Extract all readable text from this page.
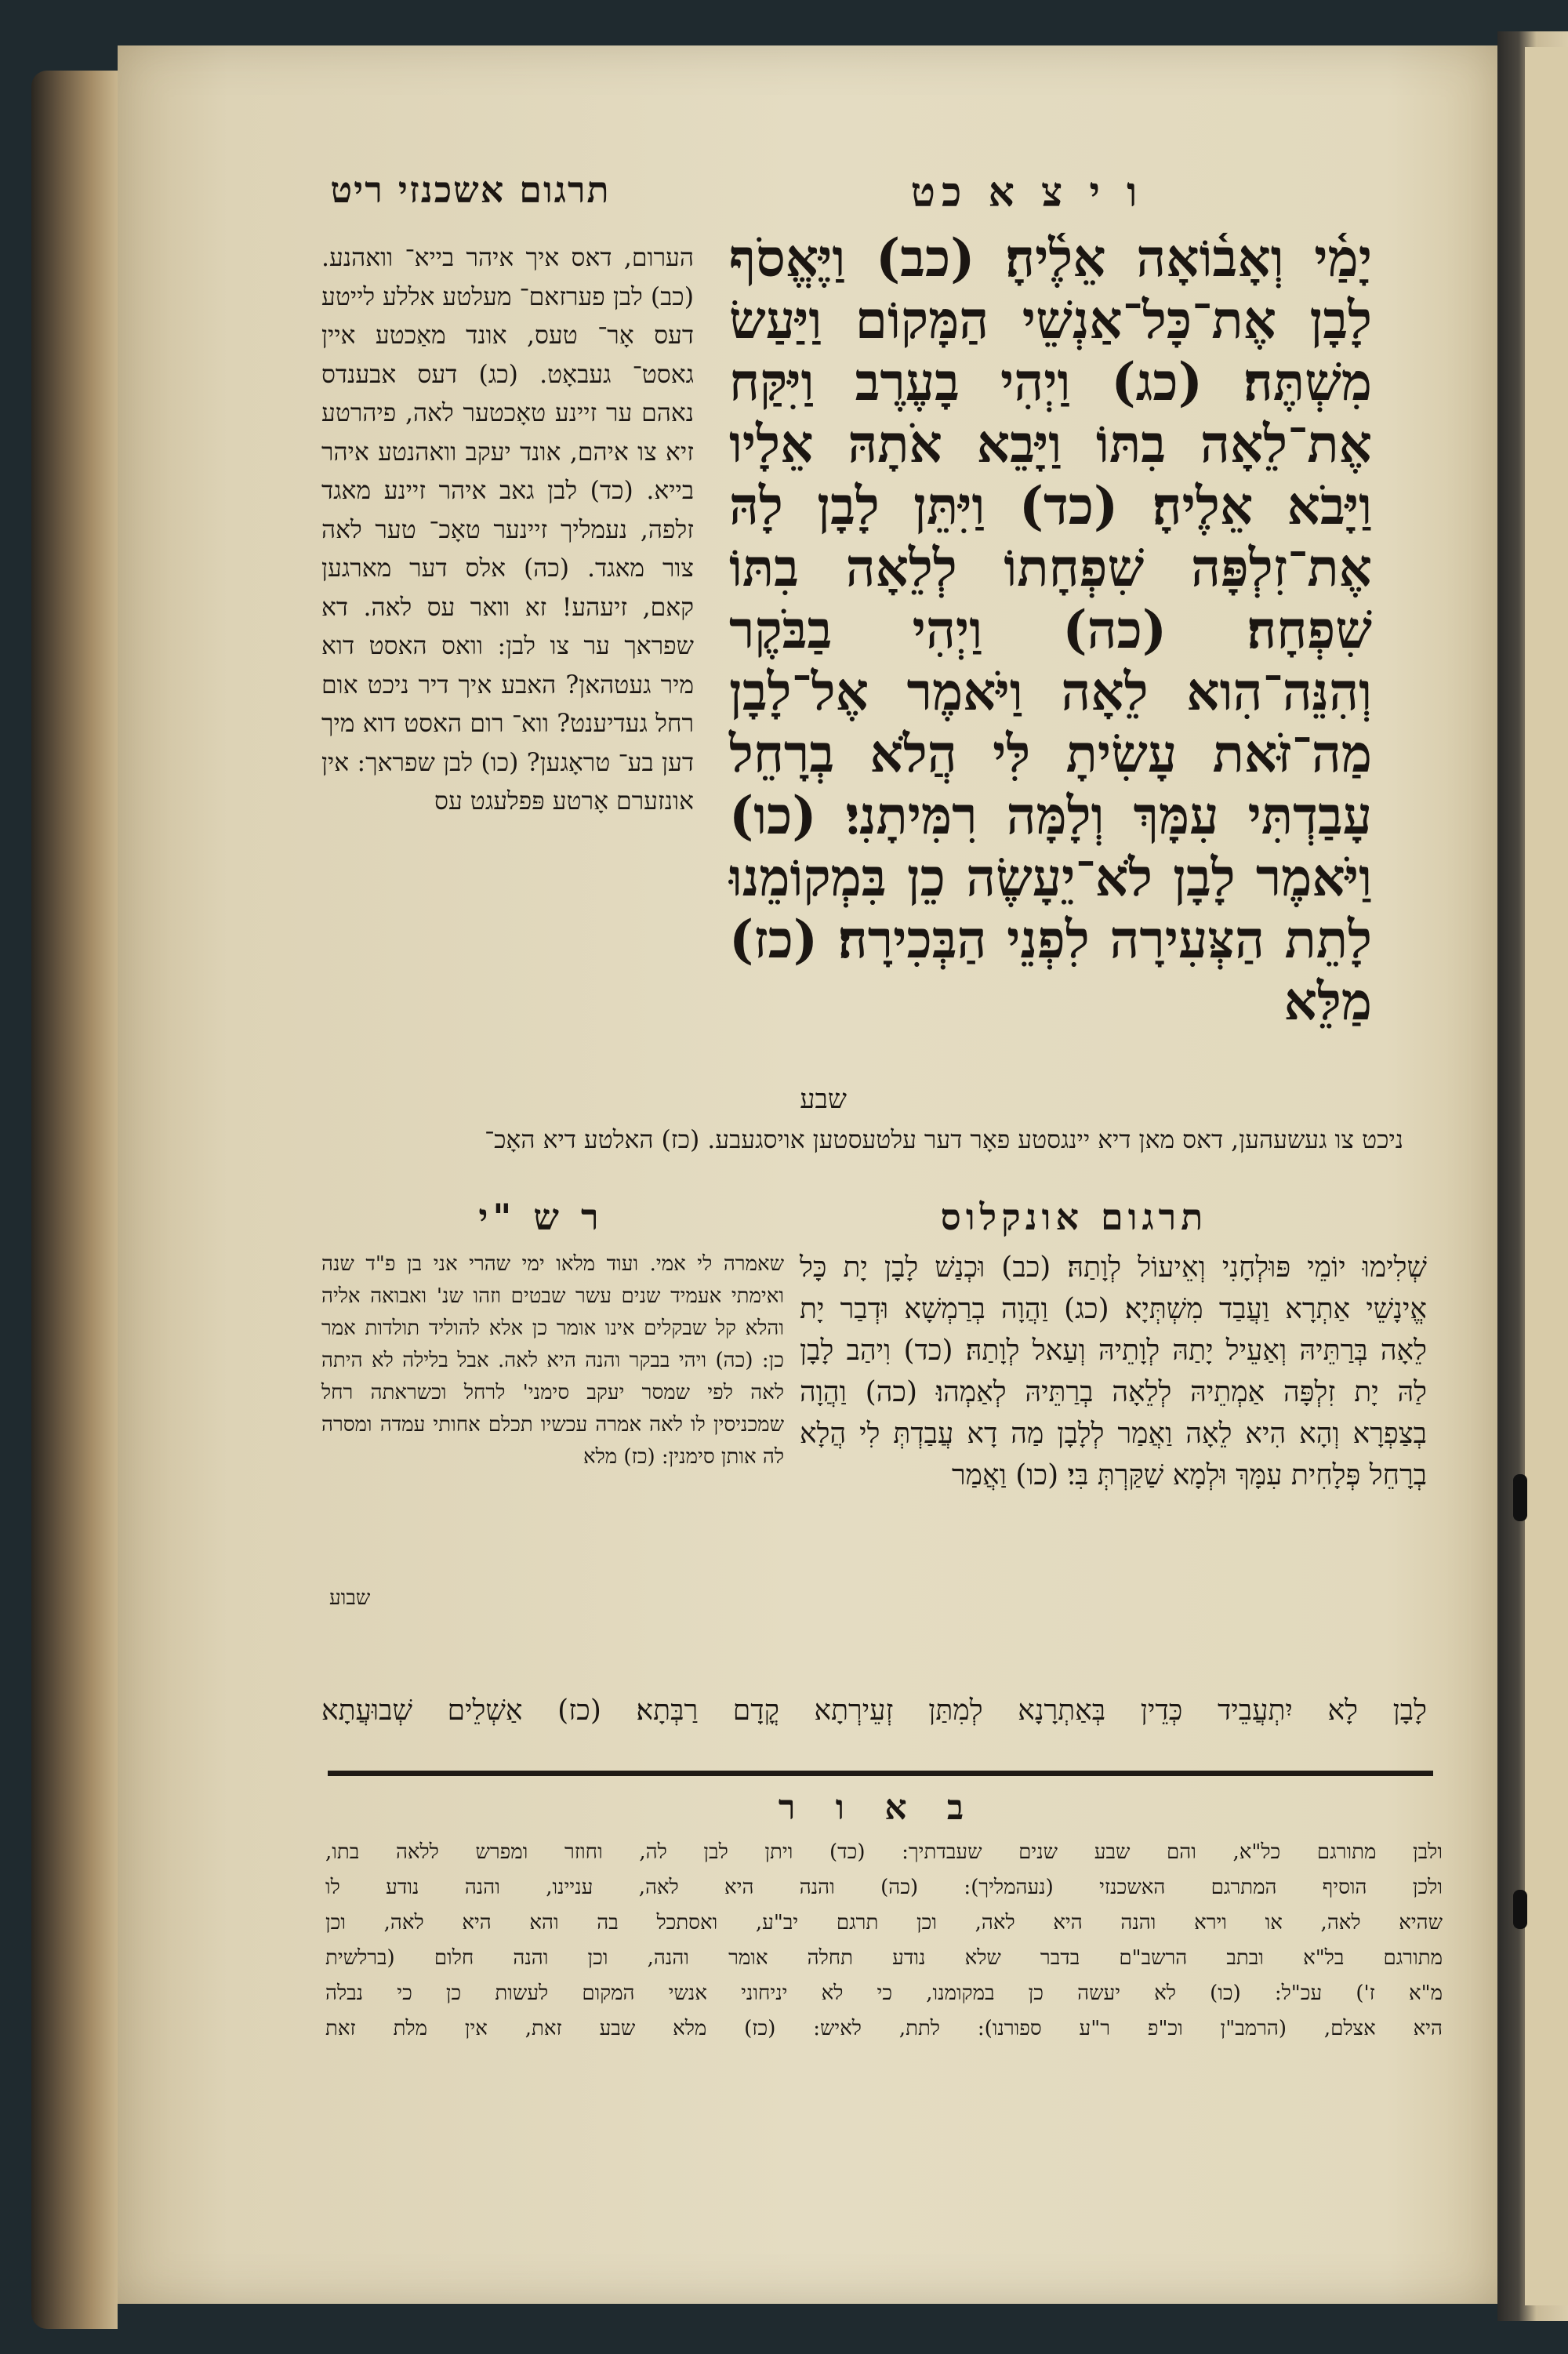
ו י צ א כט
תרגום אשכנזי ריט
יָמַ֫י וְאָב֫וֹאָה אֵלֶ֫יהָ׃ (כב) וַיֶּאֱסֹף לָבָן אֶת־כָּל־אַנְשֵׁי הַמָּקוֹם וַיַּעַשׂ מִשְׁתֶּה׃ (כג) וַיְהִי בָעֶרֶב וַיִּקַּח אֶת־לֵאָה בִתּוֹ וַיָּבֵא אֹתָהּ אֵלָיו וַיָּבֹא אֵלֶיהָ׃ (כד) וַיִּתֵּן לָבָן לָהּ אֶת־זִלְפָּה שִׁפְחָתוֹ לְלֵאָה בִתּוֹ שִׁפְחָה׃ (כה) וַיְהִי בַבֹּקֶר וְהִנֵּה־הִוא לֵאָה וַיֹּאמֶר אֶל־לָבָן מַה־זֹּאת עָשִׂיתָ לִּי הֲלֹא בְרָחֵל עָבַדְתִּי עִמָּךְ וְלָמָּה רִמִּיתָנִי׃ (כו) וַיֹּאמֶר לָבָן לֹא־יֵעָשֶׂה כֵן בִּמְקוֹמֵנוּ לָתֵת הַצְּעִירָה לִפְנֵי הַבְּכִירָה׃ (כז) מַלֵּא
שבע
הערום, דאס איך איהר בייא־ וואהנע. (כב) לבן פערזאם־ מעלטע אללע לייטע דעס אָר־ טעס, אונד מאַכטע איין גאסט־ געבאָט. (כג) דעס אבענדס נאהם ער זיינע טאָכטער לאה, פיהרטע זיא צו איהם, אונד יעקב וואהנטע איהר בייא. (כד) לבן גאב איהר זיינע מאגד זלפה, נעמליך זיינער טאָכ־ טער לאה צור מאגד. (כה) אלס דער מארגען קאם, זיעהע! זא וואר עס לאה. דא שפראך ער צו לבן: וואס האסט דוא מיר געטהאן? האבע איך דיר ניכט אום רחל געדיענט? ווא־ רום האסט דוא מיך דען בע־ טראָגען? (כו) לבן שפראך: אין אונזערם אָרטע פּפלעגט עס
ניכט צו געשעהען, דאס מאן דיא יינגסטע פאָר דער עלטעסטען אויסגעבע. (כז) האלטע דיא האָכ־
תרגום אונקלוס
ר ש "י
שְׁלִימוּ יוֹמֵי פּוּלְחָנִי וְאֵיעוֹל לְוָתַהּ׃ (כב) וּכְנַשׁ לָבָן יָת כָּל אֱינָשֵׁי אַתְרָא וַעֲבַד מִשְׁתְּיָא׃ (כג) וַהֲוָה בְרַמְשָׁא וּדְבַר יָת לֵאָה בְּרַתֵּיהּ וְאַעֵיל יָתַהּ לְוָתֵיהּ וְעַאל לְוָתַהּ׃ (כד) וִיהַב לָבָן לַהּ יָת זִלְפָּה אַמְתֵיהּ לְלֵאָה בְרַתֵּיהּ לְאַמְהוּ׃ (כה) וַהֲוָה בְצַפְרָא וְהָא הִיא לֵאָה וַאֲמַר לְלָבָן מַה דָא עֲבַדְתְּ לִי הֲלָא בְרָחֵל פְּלָחִית עִמָּךְ וּלְמָא שַׁקַּרְתְּ בִּי׃ (כו) וַאֲמַר
לָבָן לָא יִתְעֲבֵיד כְּדֵין בְּאַתְרָנָא לְמִתַּן זְעֵירְתָא קֳדָם רַבְּתָא׃ (כז) אַשְׁלֵים שְׁבוּעֲתָא
שאמרה לי אמי. ועוד מלאו ימי שהרי אני בן פ"ד שנה ואימתי אעמיד שנים עשר שבטים וזהו שנ' ואבואה אליה והלא קל שבקלים אינו אומר כן אלא להוליד תולדות אמר כן: (כה) ויהי בבקר והנה היא לאה. אבל בלילה לא היתה לאה לפי שמסר יעקב סימני' לרחל וכשראתה רחל שמכניסין לו לאה אמרה עכשיו תכלם אחותי עמדה ומסרה לה אותן סימנין: (כז) מלא
שבוע
ב א ו ר
ולבן מתורגם כל"א, והם שבע שנים שעבדתיך: (כד) ויתן לבן לה, וחוזר ומפרש ללאה בתו,
ולכן הוסיף המתרגם האשכנזי (נעהמליך): (כה) והנה היא לאה, עניינו, והנה נודע לו
שהיא לאה, או וירא והנה היא לאה, וכן תרגם יב"ע, ואסתכל בה והא היא לאה, וכן
מתורגם בל"א ובתב הרשב"ם בדבר שלא נודע תחלה אומר והנה, וכן והנה חלום (ברלשית
מ"א ז') עכ"ל: (כו) לא יעשה כן במקומנו, כי לא יניחוני אנשי המקום לעשות כן כי נבלה
היא אצלם, (הרמב"ן וכ"פ ר"ע ספורנו): לתת, לאיש: (כז) מלא שבע זאת, אין מלת זאת
